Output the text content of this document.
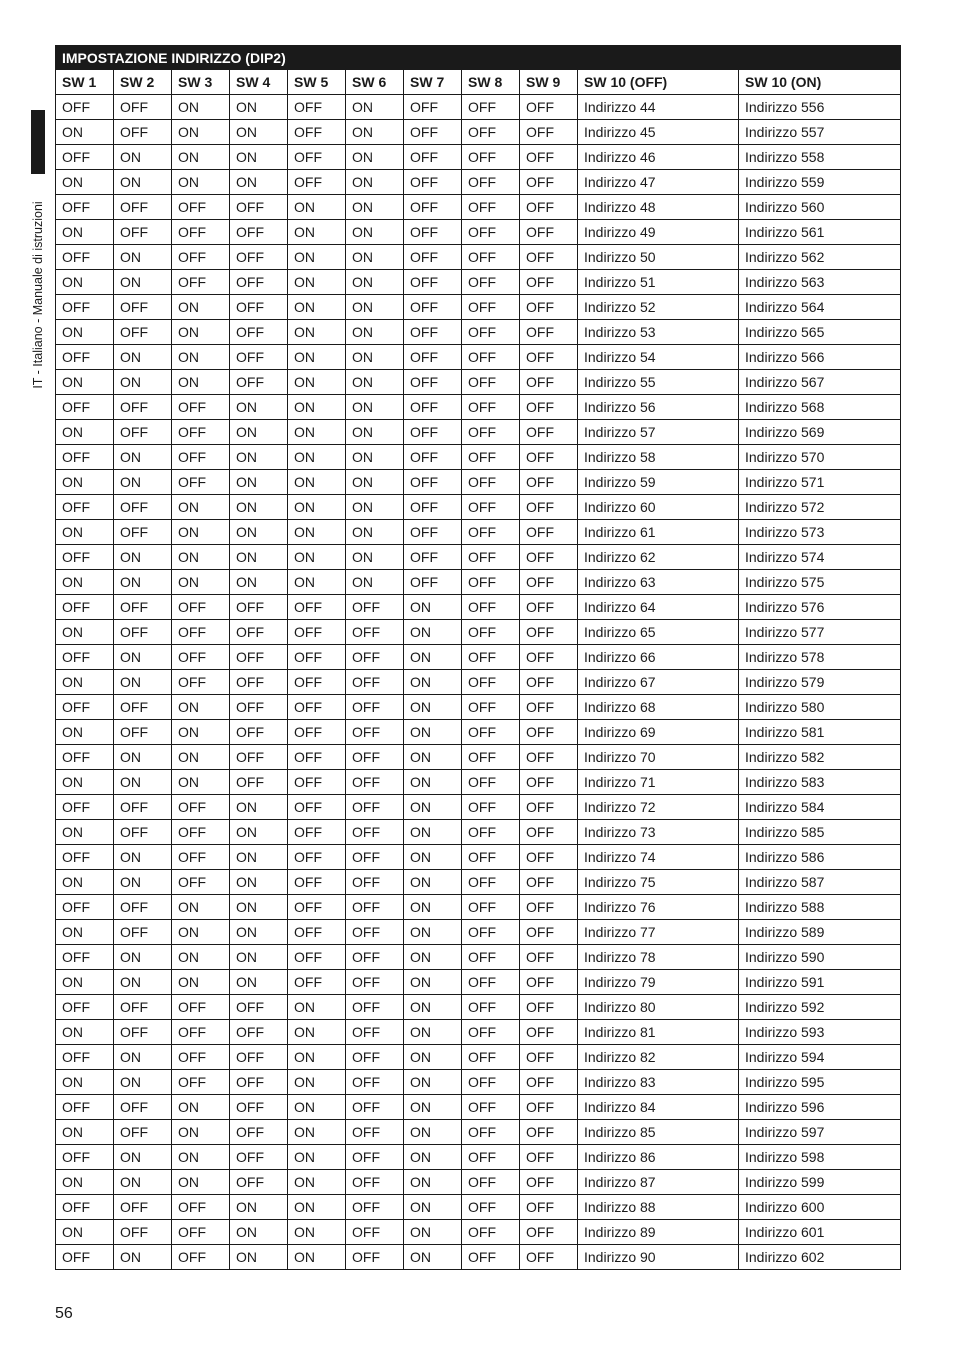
IT - Italiano - Manuale di istruzioni
IMPOSTAZIONE INDIRIZZO (DIP2)										
SW 1	SW 2	SW 3	SW 4	SW 5	SW 6	SW 7	SW 8	SW 9	SW 10 (OFF)	SW 10 (ON)
OFF	OFF	ON	ON	OFF	ON	OFF	OFF	OFF	Indirizzo 44	Indirizzo 556
ON	OFF	ON	ON	OFF	ON	OFF	OFF	OFF	Indirizzo 45	Indirizzo 557
OFF	ON	ON	ON	OFF	ON	OFF	OFF	OFF	Indirizzo 46	Indirizzo 558
ON	ON	ON	ON	OFF	ON	OFF	OFF	OFF	Indirizzo 47	Indirizzo 559
OFF	OFF	OFF	OFF	ON	ON	OFF	OFF	OFF	Indirizzo 48	Indirizzo 560
ON	OFF	OFF	OFF	ON	ON	OFF	OFF	OFF	Indirizzo 49	Indirizzo 561
OFF	ON	OFF	OFF	ON	ON	OFF	OFF	OFF	Indirizzo 50	Indirizzo 562
ON	ON	OFF	OFF	ON	ON	OFF	OFF	OFF	Indirizzo 51	Indirizzo 563
OFF	OFF	ON	OFF	ON	ON	OFF	OFF	OFF	Indirizzo 52	Indirizzo 564
ON	OFF	ON	OFF	ON	ON	OFF	OFF	OFF	Indirizzo 53	Indirizzo 565
OFF	ON	ON	OFF	ON	ON	OFF	OFF	OFF	Indirizzo 54	Indirizzo 566
ON	ON	ON	OFF	ON	ON	OFF	OFF	OFF	Indirizzo 55	Indirizzo 567
OFF	OFF	OFF	ON	ON	ON	OFF	OFF	OFF	Indirizzo 56	Indirizzo 568
ON	OFF	OFF	ON	ON	ON	OFF	OFF	OFF	Indirizzo 57	Indirizzo 569
OFF	ON	OFF	ON	ON	ON	OFF	OFF	OFF	Indirizzo 58	Indirizzo 570
ON	ON	OFF	ON	ON	ON	OFF	OFF	OFF	Indirizzo 59	Indirizzo 571
OFF	OFF	ON	ON	ON	ON	OFF	OFF	OFF	Indirizzo 60	Indirizzo 572
ON	OFF	ON	ON	ON	ON	OFF	OFF	OFF	Indirizzo 61	Indirizzo 573
OFF	ON	ON	ON	ON	ON	OFF	OFF	OFF	Indirizzo 62	Indirizzo 574
ON	ON	ON	ON	ON	ON	OFF	OFF	OFF	Indirizzo 63	Indirizzo 575
OFF	OFF	OFF	OFF	OFF	OFF	ON	OFF	OFF	Indirizzo 64	Indirizzo 576
ON	OFF	OFF	OFF	OFF	OFF	ON	OFF	OFF	Indirizzo 65	Indirizzo 577
OFF	ON	OFF	OFF	OFF	OFF	ON	OFF	OFF	Indirizzo 66	Indirizzo 578
ON	ON	OFF	OFF	OFF	OFF	ON	OFF	OFF	Indirizzo 67	Indirizzo 579
OFF	OFF	ON	OFF	OFF	OFF	ON	OFF	OFF	Indirizzo 68	Indirizzo 580
ON	OFF	ON	OFF	OFF	OFF	ON	OFF	OFF	Indirizzo 69	Indirizzo 581
OFF	ON	ON	OFF	OFF	OFF	ON	OFF	OFF	Indirizzo 70	Indirizzo 582
ON	ON	ON	OFF	OFF	OFF	ON	OFF	OFF	Indirizzo 71	Indirizzo 583
OFF	OFF	OFF	ON	OFF	OFF	ON	OFF	OFF	Indirizzo 72	Indirizzo 584
ON	OFF	OFF	ON	OFF	OFF	ON	OFF	OFF	Indirizzo 73	Indirizzo 585
OFF	ON	OFF	ON	OFF	OFF	ON	OFF	OFF	Indirizzo 74	Indirizzo 586
ON	ON	OFF	ON	OFF	OFF	ON	OFF	OFF	Indirizzo 75	Indirizzo 587
OFF	OFF	ON	ON	OFF	OFF	ON	OFF	OFF	Indirizzo 76	Indirizzo 588
ON	OFF	ON	ON	OFF	OFF	ON	OFF	OFF	Indirizzo 77	Indirizzo 589
OFF	ON	ON	ON	OFF	OFF	ON	OFF	OFF	Indirizzo 78	Indirizzo 590
ON	ON	ON	ON	OFF	OFF	ON	OFF	OFF	Indirizzo 79	Indirizzo 591
OFF	OFF	OFF	OFF	ON	OFF	ON	OFF	OFF	Indirizzo 80	Indirizzo 592
ON	OFF	OFF	OFF	ON	OFF	ON	OFF	OFF	Indirizzo 81	Indirizzo 593
OFF	ON	OFF	OFF	ON	OFF	ON	OFF	OFF	Indirizzo 82	Indirizzo 594
ON	ON	OFF	OFF	ON	OFF	ON	OFF	OFF	Indirizzo 83	Indirizzo 595
OFF	OFF	ON	OFF	ON	OFF	ON	OFF	OFF	Indirizzo 84	Indirizzo 596
ON	OFF	ON	OFF	ON	OFF	ON	OFF	OFF	Indirizzo 85	Indirizzo 597
OFF	ON	ON	OFF	ON	OFF	ON	OFF	OFF	Indirizzo 86	Indirizzo 598
ON	ON	ON	OFF	ON	OFF	ON	OFF	OFF	Indirizzo 87	Indirizzo 599
OFF	OFF	OFF	ON	ON	OFF	ON	OFF	OFF	Indirizzo 88	Indirizzo 600
ON	OFF	OFF	ON	ON	OFF	ON	OFF	OFF	Indirizzo 89	Indirizzo 601
OFF	ON	OFF	ON	ON	OFF	ON	OFF	OFF	Indirizzo 90	Indirizzo 602
56
